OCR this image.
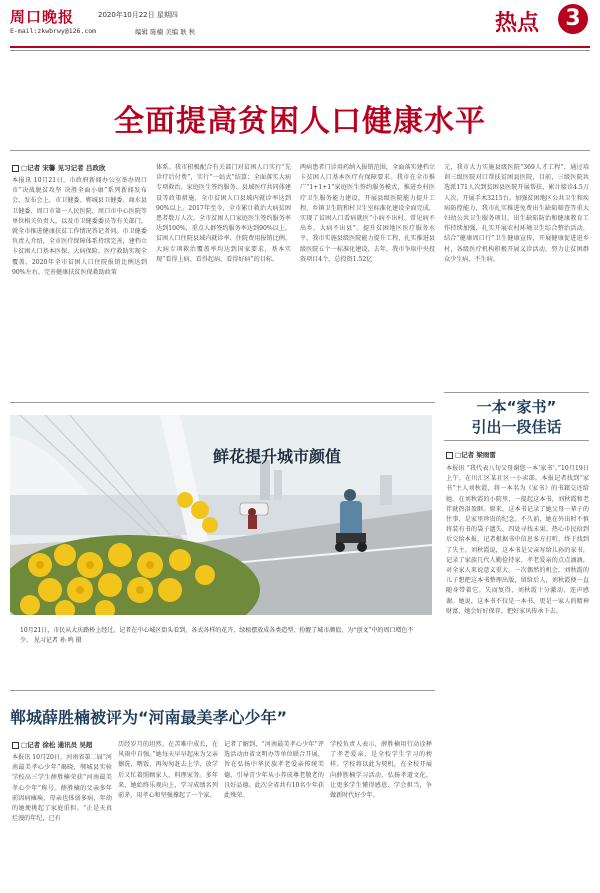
周口晚报	2020年10月22日 星期四
E-mail:zkwbrwy@126.com	编辑 陈楠 美编 耿 秋	热点	3
全面提高贫困人口健康水平
□记者 宋馨 见习记者 吕政欣
本报讯 10月21日，市政府新闻办公室举办周口市“决战脱贫攻坚 决胜全面小康”系列新闻发布会，发布会上，市卫健委、郸城县卫健委、商水县卫健委、周口市第一人民医院、周口市中心医院等单位相关负责人，以及市卫健委委员等有关部门，就全市推进健康扶贫工作情况答记者问。市卫健委负责人介绍，全市医疗保障体系持续完善，建档立卡贫困人口基本医保、大病保险、医疗救助实现全覆盖，2020年全市贫困人口住院报销比例达到90%左右。完善健康扶贫医保救助政策
体系。我市积极配合有关部门对贫困人口实行“先诊疗后付费”，实行“一站式”结算；全面落实大病专项救治、家庭医生签约服务、县域医疗共同体建设等政策措施，全市贫困人口县域内就诊率达到90%以上。2017年至今，全市累计救治大病贫困患者数万人次。全市贫困人口家庭医生签约服务率达到100%，重点人群签约服务率达到90%以上。贫困人口住院县域内就诊率、住院费用报销比例、大病专项救治覆盖率均达到国家要求，基本实现“看得上病、看得起病、看得好病”的目标。
两病患者门诊用药纳入报销范围，全面落实建档立卡贫困人口基本医疗有保障要求。我市在全市推广“1+1+1”家庭医生签约服务模式，推进乡村医疗卫生服务能力建设，开展县级医院能力提升工程，乡镇卫生院和村卫生室标准化建设全面完成，实现了贫困人口看病就医“小病不出村、常见病不出乡、大病不出县”。提升贫困地区医疗服务水平，我市实施县级医院能力提升工程，扎实推进县级医院五个一标准化建设，去年，我市争取中央投资项目4个，总投资1.52亿
元，我市大力实施县级医院“369人才工程”，通过培训三级医院对口帮扶贫困县医院，目前，三级医院共选派171人次到贫困县医院开展帮扶，累计接诊4.5万人次，开展手术3215台。加强贫困地区公共卫生和疾病防控能力，我市扎实推进免费出生缺陷筛查等重大妇幼公共卫生服务项目，出生缺陷防治和健康教育工作持续加强，扎实开展农村环境卫生综合整治活动，结合“健康周口行”卫生健康宣传，开展健康促进进乡村，各级医疗机构积极开展义诊活动，努力让贫困群众少生病、不生病。
鲜花提升城市颜值
10月21日，市民从大庆路桥上经过。记者在中心城区街头看到，各式各样的花卉、绿植摆放成各类造型，扮靓了城市颜值，为“创文”中的周口增色不少。 见习记者 孙 鸣 摄
一本“家书”
引出一段佳话
□记者 梁雨雷
本报讯 “我代表八旬父母谢您一本‘家书’。”10月19日上午，在川汇区某社区一小卖部，本报记者找到“家书”主人刘秋霞，将一本名为《家书》的书籍交还给她。在刘秋霞的小院里，一提起这本书，刘秋霞和老伴就热泪盈眶。原来，这本书记录了她父母一辈子的往事，是家里珍贵的纪念。不久前，她在外出时不慎将装有书的袋子遗失，四处寻找未果。热心市民拾到后交给本报，记者根据书中信息多方打听，终于找到了失主。刘秋霞说，这本书是父亲写给儿孙的家书，记录了家族几代人勤俭持家、孝老爱亲的点点滴滴，对全家人来说意义重大。一次偶然的机会，刘秋霞的儿子想把这本书整理出版，留给后人，刘秋霞便一直随身带着它。失而复得，刘秋霞十分激动，连声感谢。她说，这本书不仅是一本书，更是一家人的精神财富，她会好好保存，把好家风传承下去。
郸城薛胜楠被评为“河南最美孝心少年”
□记者 徐松 通讯员 吴超
本报讯 10月20日，河南省第二届“河南最美孝心少年”揭晓，郸城县实验学校高三学生薛胜楠荣获“河南最美孝心少年”称号。薛胜楠的父亲多年前因病瘫痪，母亲也体弱多病，年幼的她便挑起了家庭重担。“正是天真烂漫的年纪，已有
历经岁月的坦然。在苦难中成长，在风雨中自强。”她每天早早起床为父亲擦洗、喂饭，再匆匆赶去上学，放学后又忙着照顾家人、料理家务。多年来，她始终乐观向上，学习成绩名列前茅，用孝心和坚强撑起了一个家。
记者了解到，“河南最美孝心少年”评选活动由省文明办等单位联合开展，旨在弘扬中华民族孝老爱亲传统美德，引导青少年从小养成尊老敬老的良好品德。此次全省共有10名少年获此殊荣。
学校负责人表示，薛胜楠用行动诠释了孝老爱亲，是全校学生学习的榜样。学校将以此为契机，在全校开展向薛胜楠学习活动，弘扬孝道文化，让更多学生懂得感恩、学会担当，争做新时代好少年。
